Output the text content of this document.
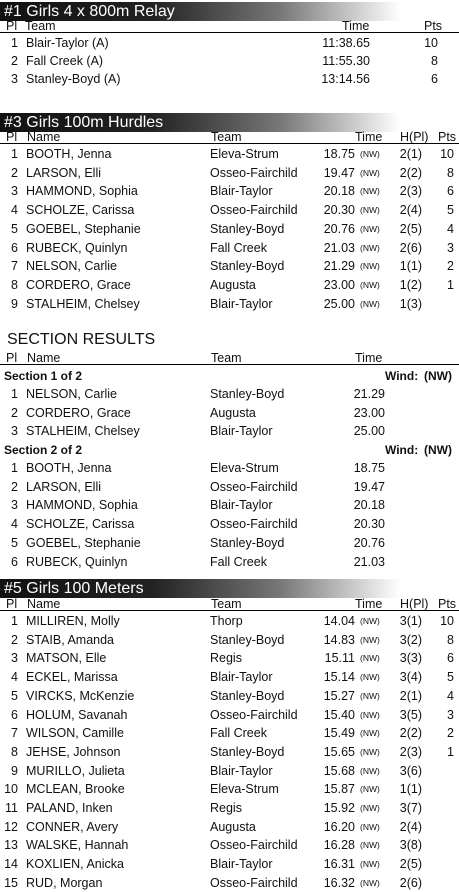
#1 Girls 4 x 800m Relay
Pl Team	Time	Pts
1 Blair-Taylor (A)	11:38.65	10
2 Fall Creek (A)	11:55.30	8
3 Stanley-Boyd (A)	13:14.56	6
#3 Girls 100m Hurdles
Pl Name	Team	Time H(Pl) Pts
1 BOOTH, Jenna	Eleva-Strum	18.75 (NW)	2(1)	10
2 LARSON, Elli	Osseo-Fairchild	19.47 (NW)	2(2)	8
3 HAMMOND, Sophia	Blair-Taylor	20.18 (NW)	2(3)	6
4 SCHOLZE, Carissa	Osseo-Fairchild	20.30 (NW)	2(4)	5
5 GOEBEL, Stephanie	Stanley-Boyd	20.76 (NW)	2(5)	4
6 RUBECK, Quinlyn	Fall Creek	21.03 (NW)	2(6)	3
7 NELSON, Carlie	Stanley-Boyd	21.29 (NW)	1(1)	2
8 CORDERO, Grace	Augusta	23.00 (NW)	1(2)	1
9 STALHEIM, Chelsey	Blair-Taylor	25.00 (NW)	1(3)
SECTION RESULTS
Pl Name	Team	Time
Section 1 of 2	Wind: (NW)
1 NELSON, Carlie	Stanley-Boyd	21.29
2 CORDERO, Grace	Augusta	23.00
3 STALHEIM, Chelsey	Blair-Taylor	25.00
Section 2 of 2	Wind: (NW)
1 BOOTH, Jenna	Eleva-Strum	18.75
2 LARSON, Elli	Osseo-Fairchild	19.47
3 HAMMOND, Sophia	Blair-Taylor	20.18
4 SCHOLZE, Carissa	Osseo-Fairchild	20.30
5 GOEBEL, Stephanie	Stanley-Boyd	20.76
6 RUBECK, Quinlyn	Fall Creek	21.03
#5 Girls 100 Meters
Pl Name	Team	Time H(Pl) Pts
1 MILLIREN, Molly	Thorp	14.04 (NW)	3(1)	10
2 STAIB, Amanda	Stanley-Boyd	14.83 (NW)	3(2)	8
3 MATSON, Elle	Regis	15.11 (NW)	3(3)	6
4 ECKEL, Marissa	Blair-Taylor	15.14 (NW)	3(4)	5
5 VIRCKS, McKenzie	Stanley-Boyd	15.27 (NW)	2(1)	4
6 HOLUM, Savanah	Osseo-Fairchild	15.40 (NW)	3(5)	3
7 WILSON, Camille	Fall Creek	15.49 (NW)	2(2)	2
8 JEHSE, Johnson	Stanley-Boyd	15.65 (NW)	2(3)	1
9 MURILLO, Julieta	Blair-Taylor	15.68 (NW)	3(6)
10 MCLEAN, Brooke	Eleva-Strum	15.87 (NW)	1(1)
11 PALAND, Inken	Regis	15.92 (NW)	3(7)
12 CONNER, Avery	Augusta	16.20 (NW)	2(4)
13 WALSKE, Hannah	Osseo-Fairchild	16.28 (NW)	3(8)
14 KOXLIEN, Anicka	Blair-Taylor	16.31 (NW)	2(5)
15 RUD, Morgan	Osseo-Fairchild	16.32 (NW)	2(6)
